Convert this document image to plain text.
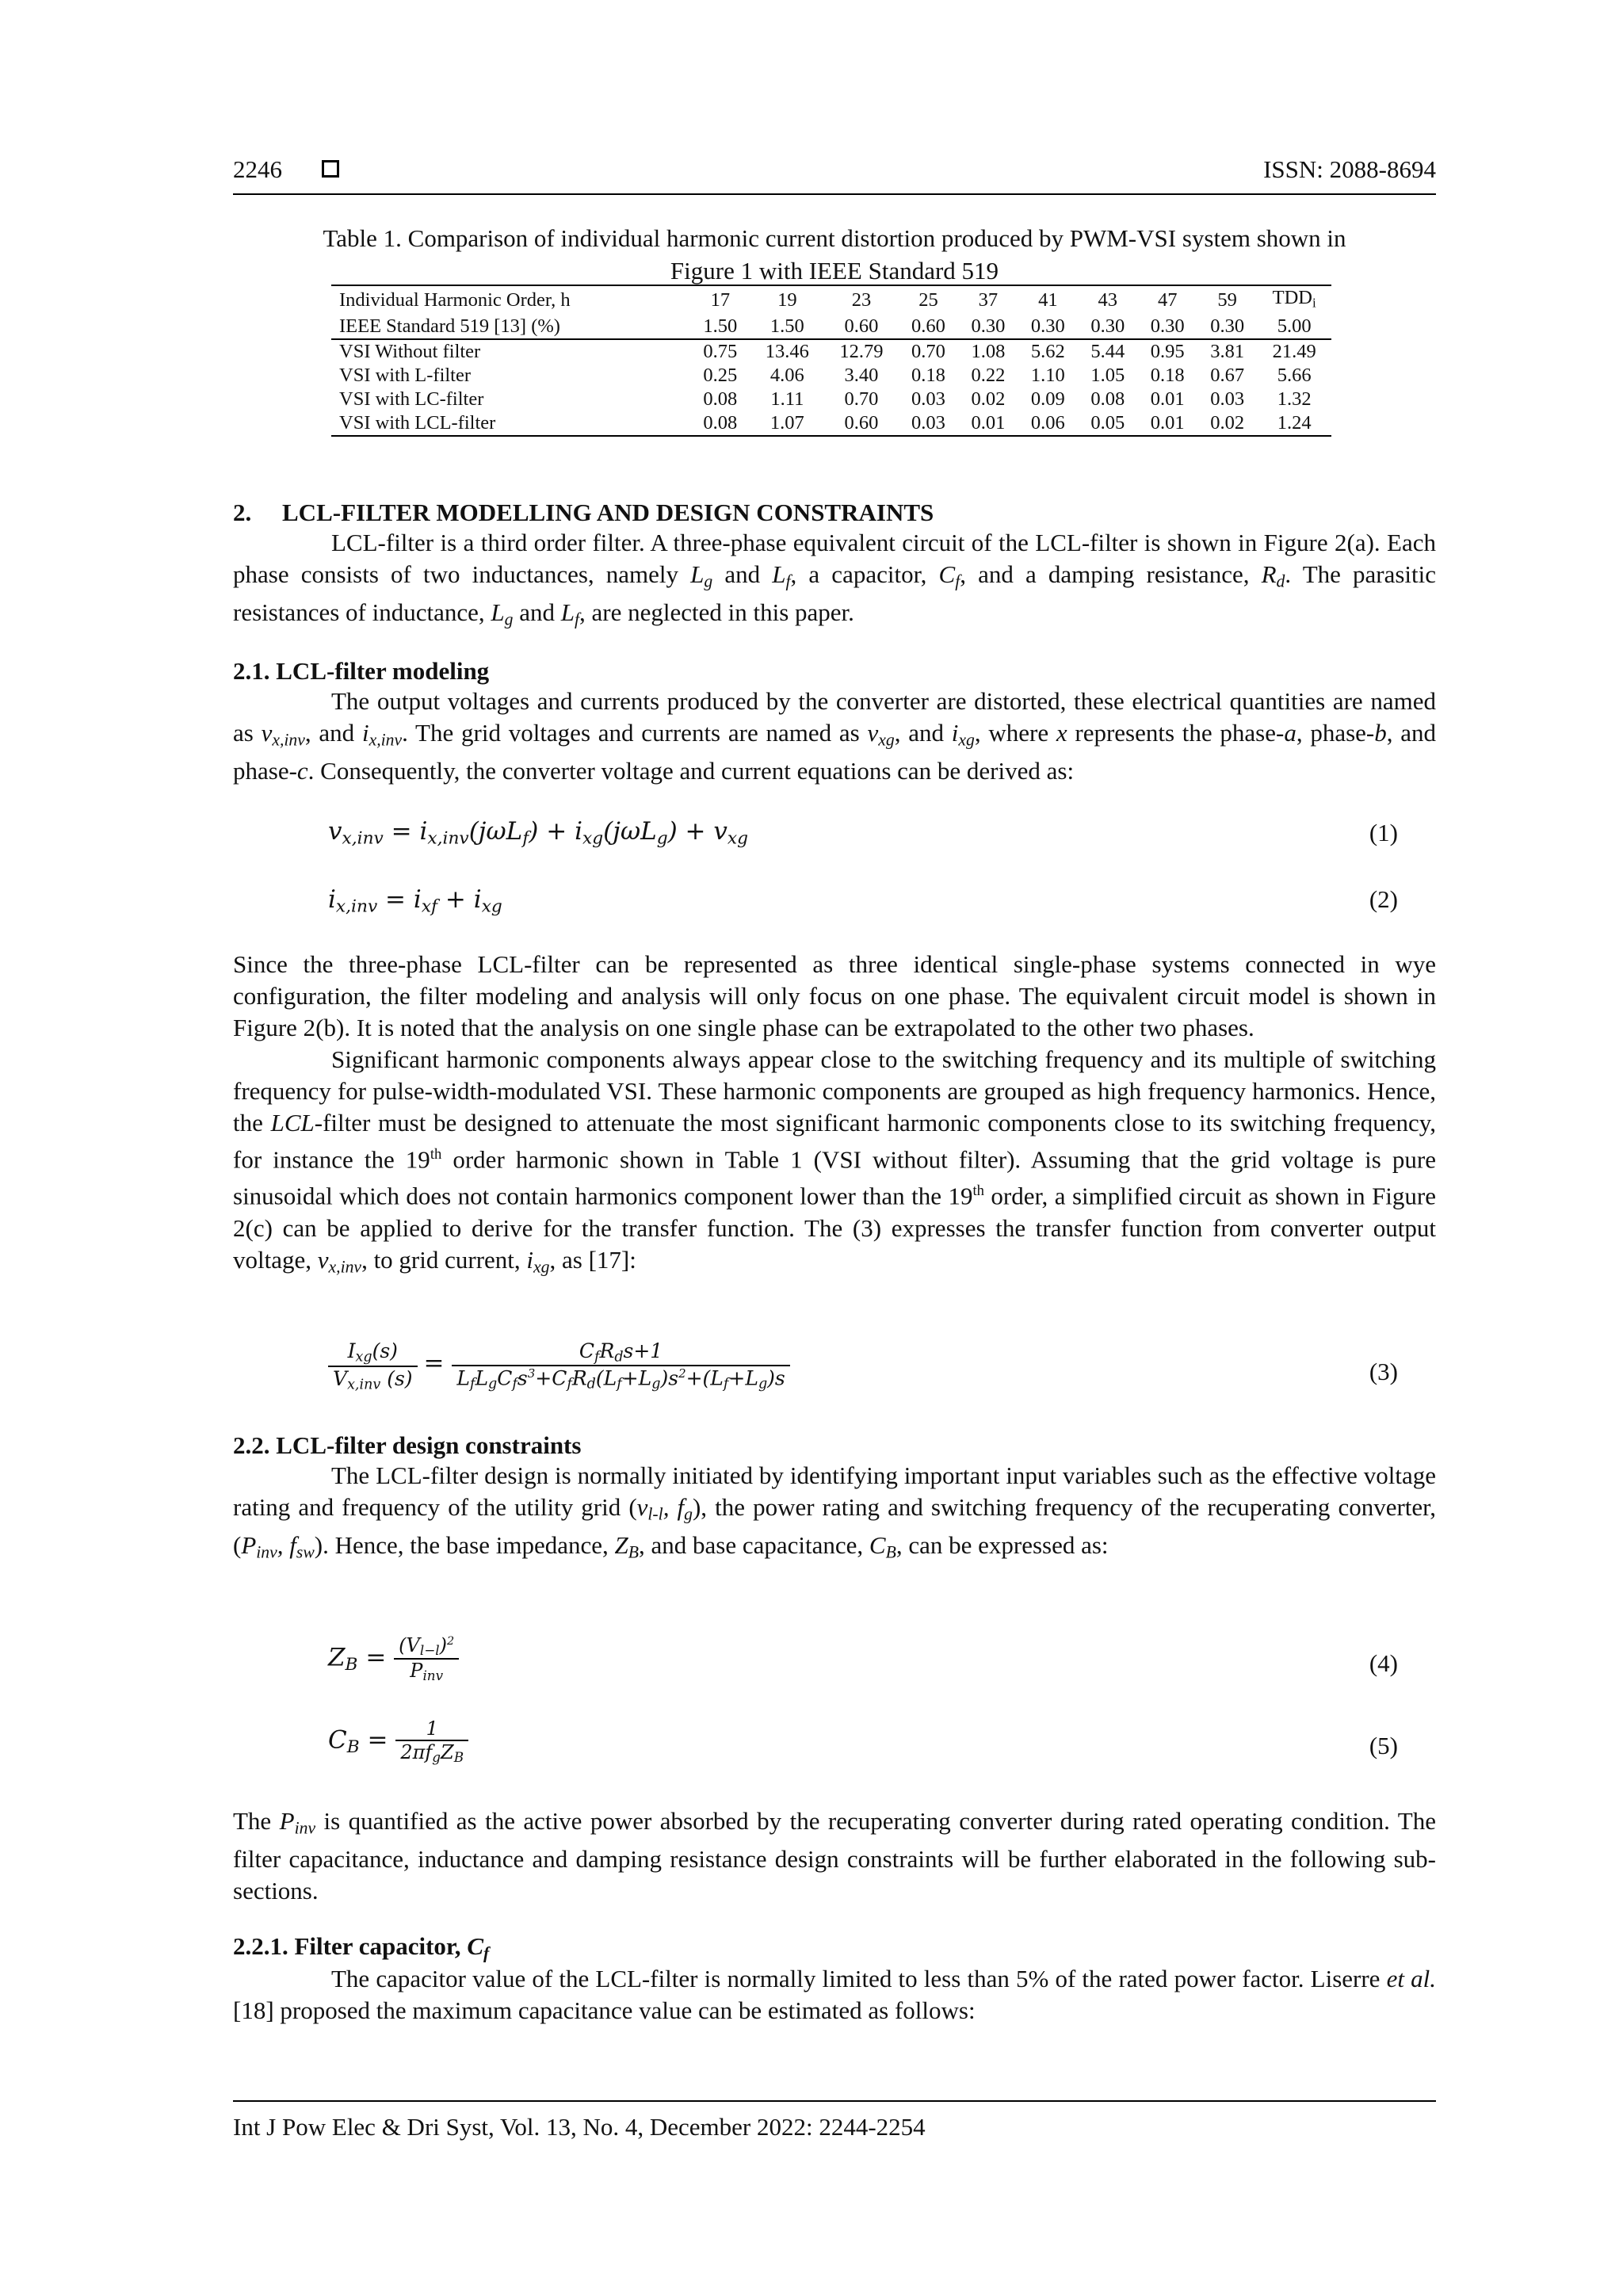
2246	ISSN: 2088-8694
Table 1. Comparison of individual harmonic current distortion produced by PWM-VSI system shown in
Figure 1 with IEEE Standard 519
Individual Harmonic Order, h	17	19	23	25	37	41	43	47	59	$TDD_i$
IEEE Standard 519 [13] (%)	1.50	1.50	0.60	0.60	0.30	0.30	0.30	0.30	0.30	5.00
VSI Without filter	0.75	13.46	12.79	0.70	1.08	5.62	5.44	0.95	3.81	21.49
VSI with L-filter	0.25	4.06	3.40	0.18	0.22	1.10	1.05	0.18	0.67	5.66
VSI with LC-filter	0.08	1.11	0.70	0.03	0.02	0.09	0.08	0.01	0.03	1.32
VSI with LCL-filter	0.08	1.07	0.60	0.03	0.01	0.06	0.05	0.01	0.02	1.24
2.     LCL-FILTER MODELLING AND DESIGN CONSTRAINTS

LCL-filter is a third order filter. A three-phase equivalent circuit of the LCL-filter is shown in Figure 2(a). Each phase consists of two inductances, namely $L_g$ and $L_f$, a capacitor, $C_f$, and a damping resistance, $R_d$. The parasitic resistances of inductance, $L_g$ and $L_f$, are neglected in this paper.

2.1. LCL-filter modeling

The output voltages and currents produced by the converter are distorted, these electrical quantities are named as $v_{x,inv}$, and $i_{x,inv}$. The grid voltages and currents are named as $v_{xg}$, and $i_{xg}$, where x represents the phase-a, phase-b, and phase-c. Consequently, the converter voltage and current equations can be derived as:

$v_{x,inv} = i_{x,inv}(j\omega L_f) + i_{xg}(j\omega L_g) + v_{xg}$	(1)
$i_{x,inv} = i_{xf} + i_{xg}$	(2)

Since the three-phase LCL-filter can be represented as three identical single-phase systems connected in wye configuration, the filter modeling and analysis will only focus on one phase. The equivalent circuit model is shown in Figure 2(b). It is noted that the analysis on one single phase can be extrapolated to the other two phases.

Significant harmonic components always appear close to the switching frequency and its multiple of switching frequency for pulse-width-modulated VSI. These harmonic components are grouped as high frequency harmonics. Hence, the LCL-filter must be designed to attenuate the most significant harmonic components close to its switching frequency, for instance the 19th order harmonic shown in Table 1 (VSI without filter). Assuming that the grid voltage is pure sinusoidal which does not contain harmonics component lower than the 19th order, a simplified circuit as shown in Figure 2(c) can be applied to derive for the transfer function. The (3) expresses the transfer function from converter output voltage, $v_{x,inv}$, to grid current, $i_{xg}$, as [17]:

$\frac{I_{xg}(s)}{V_{x,inv} (s)} = \frac{C_fR_ds+1}{L_fL_gC_fs^3+C_fR_d(L_f+L_g)s^2+(L_f+L_g)s}$	(3)
2.2. LCL-filter design constraints

The LCL-filter design is normally initiated by identifying important input variables such as the effective voltage rating and frequency of the utility grid ($v_{l-l}$, $f_g$), the power rating and switching frequency of the recuperating converter, ($P_{inv}$, $f_{sw}$). Hence, the base impedance, $Z_B$, and base capacitance, $C_B$, can be expressed as:

$Z_B = \frac{(V_{l-l})^2}{P_{inv}}$	(4)
$C_B = \frac{1}{2\pi f_gZ_B}$	(5)

The $P_{inv}$ is quantified as the active power absorbed by the recuperating converter during rated operating condition. The filter capacitance, inductance and damping resistance design constraints will be further elaborated in the following sub-sections.

2.2.1. Filter capacitor, $C_f$

The capacitor value of the LCL-filter is normally limited to less than 5% of the rated power factor. Liserre et al. [18] proposed the maximum capacitance value can be estimated as follows:

Int J Pow Elec & Dri Syst, Vol. 13, No. 4, December 2022: 2244-2254
